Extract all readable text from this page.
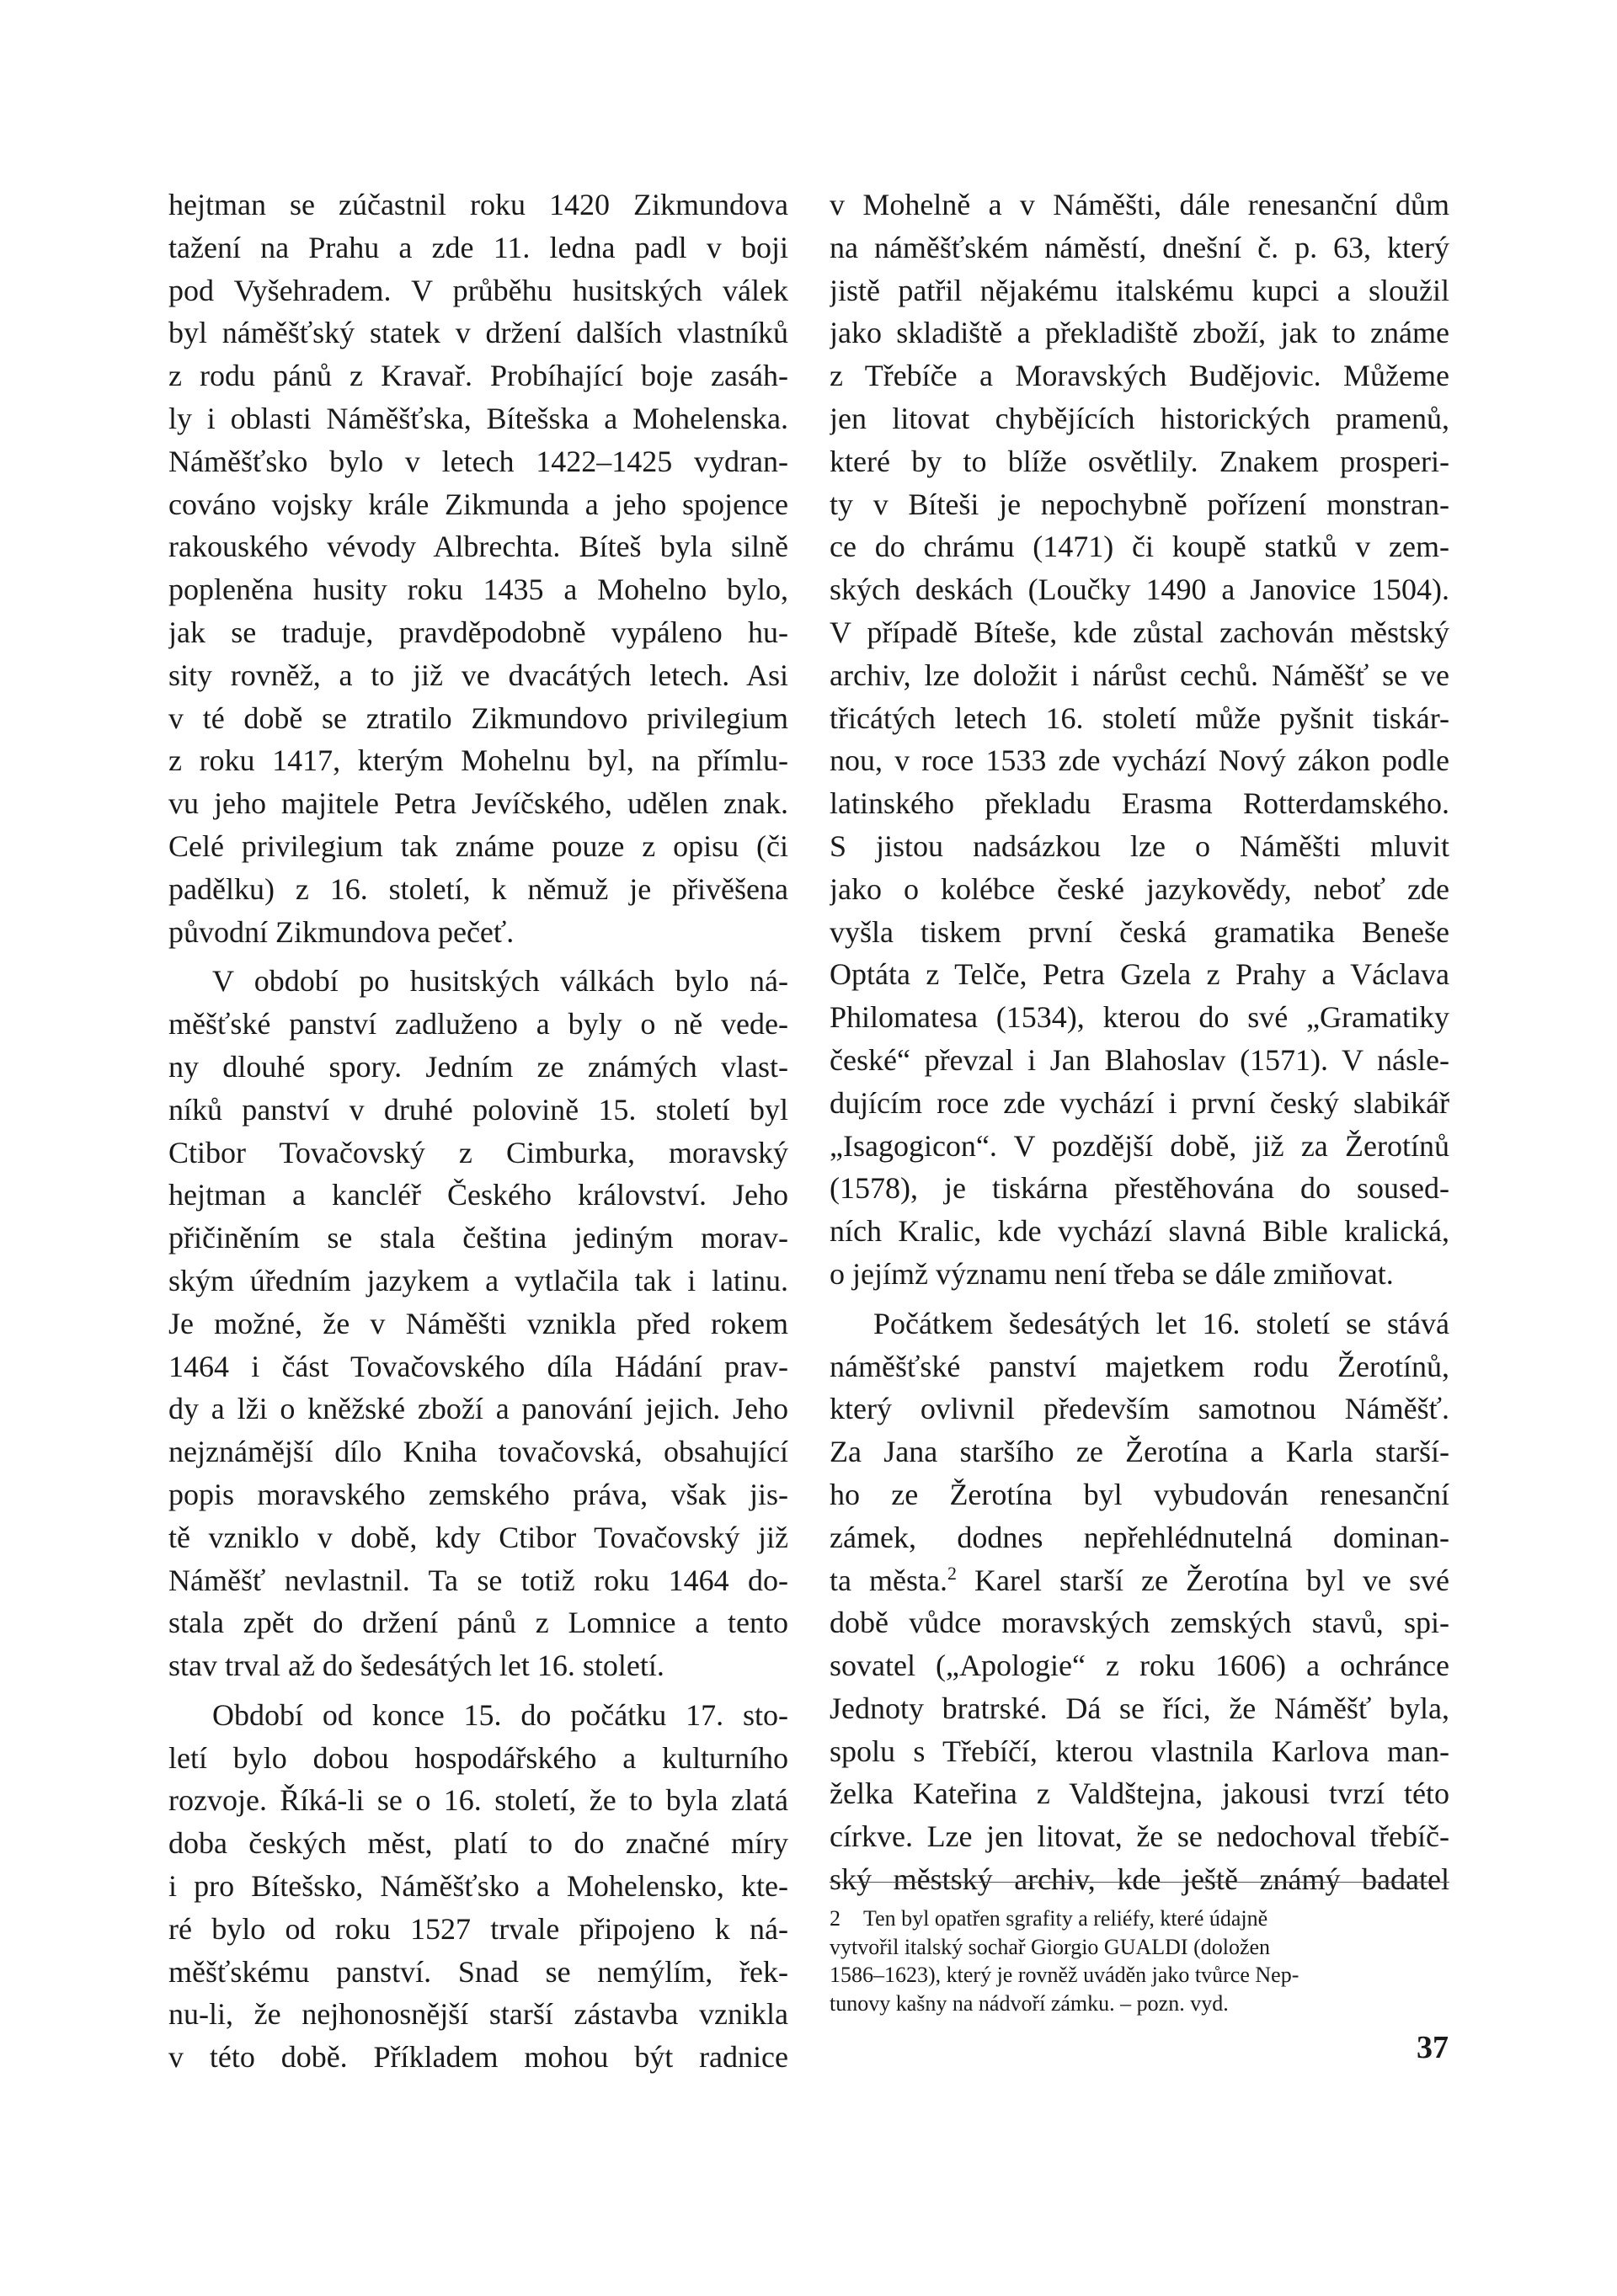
hejtman se zúčastnil roku 1420 Zikmundova
tažení na Prahu a zde 11. ledna padl v boji
pod Vyšehradem. V průběhu husitských válek
byl náměšťský statek v držení dalších vlastníků
z rodu pánů z Kravař. Probíhající boje zasáh-
ly i oblasti Náměšťska, Bítešska a Mohelenska.
Náměšťsko bylo v letech 1422–1425 vydran-
cováno vojsky krále Zikmunda a jeho spojence
rakouského vévody Albrechta. Bíteš byla silně
popleněna husity roku 1435 a Mohelno bylo,
jak se traduje, pravděpodobně vypáleno hu-
sity rovněž, a to již ve dvacátých letech. Asi
v té době se ztratilo Zikmundovo privilegium
z roku 1417, kterým Mohelnu byl, na přímlu-
vu jeho majitele Petra Jevíčského, udělen znak.
Celé privilegium tak známe pouze z opisu (či
padělku) z 16. století, k němuž je přivěšena
původní Zikmundova pečeť.
V období po husitských válkách bylo ná-
měšťské panství zadluženo a byly o ně vede-
ny dlouhé spory. Jedním ze známých vlast-
níků panství v druhé polovině 15. století byl
Ctibor Tovačovský z Cimburka, moravský
hejtman a kancléř Českého království. Jeho
přičiněním se stala čeština jediným morav-
ským úředním jazykem a vytlačila tak i latinu.
Je možné, že v Náměšti vznikla před rokem
1464 i část Tovačovského díla Hádání prav-
dy a lži o kněžské zboží a panování jejich. Jeho
nejznámější dílo Kniha tovačovská, obsahující
popis moravského zemského práva, však jis-
tě vzniklo v době, kdy Ctibor Tovačovský již
Náměšť nevlastnil. Ta se totiž roku 1464 do-
stala zpět do držení pánů z Lomnice a tento
stav trval až do šedesátých let 16. století.
Období od konce 15. do počátku 17. sto-
letí bylo dobou hospodářského a kulturního
rozvoje. Říká-li se o 16. století, že to byla zlatá
doba českých měst, platí to do značné míry
i pro Bítešsko, Náměšťsko a Mohelensko, kte-
ré bylo od roku 1527 trvale připojeno k ná-
měšťskému panství. Snad se nemýlím, řek-
nu-li, že nejhonosnější starší zástavba vznikla
v této době. Příkladem mohou být radnice
v Mohelně a v Náměšti, dále renesanční dům
na náměšťském náměstí, dnešní č. p. 63, který
jistě patřil nějakému italskému kupci a sloužil
jako skladiště a překladiště zboží, jak to známe
z Třebíče a Moravských Budějovic. Můžeme
jen litovat chybějících historických pramenů,
které by to blíže osvětlily. Znakem prosperi-
ty v Bíteši je nepochybně pořízení monstran-
ce do chrámu (1471) či koupě statků v zem-
ských deskách (Loučky 1490 a Janovice 1504).
V případě Bíteše, kde zůstal zachován městský
archiv, lze doložit i nárůst cechů. Náměšť se ve
třicátých letech 16. století může pyšnit tiskár-
nou, v roce 1533 zde vychází Nový zákon podle
latinského překladu Erasma Rotterdamského.
S jistou nadsázkou lze o Náměšti mluvit
jako o kolébce české jazykovědy, neboť zde
vyšla tiskem první česká gramatika Beneše
Optáta z Telče, Petra Gzela z Prahy a Václava
Philomatesa (1534), kterou do své „Gramatiky
české“ převzal i Jan Blahoslav (1571). V násle-
dujícím roce zde vychází i první český slabikář
„Isagogicon“. V pozdější době, již za Žerotínů
(1578), je tiskárna přestěhována do soused-
ních Kralic, kde vychází slavná Bible kralická,
o jejímž významu není třeba se dále zmiňovat.
Počátkem šedesátých let 16. století se stává
náměšťské panství majetkem rodu Žerotínů,
který ovlivnil především samotnou Náměšť.
Za Jana staršího ze Žerotína a Karla starší-
ho ze Žerotína byl vybudován renesanční
zámek, dodnes nepřehlédnutelná dominan-
ta města.$^2$ Karel starší ze Žerotína byl ve své
době vůdce moravských zemských stavů, spi-
sovatel („Apologie“ z roku 1606) a ochránce
Jednoty bratrské. Dá se říci, že Náměšť byla,
spolu s Třebíčí, kterou vlastnila Karlova man-
želka Kateřina z Valdštejna, jakousi tvrzí této
církve. Lze jen litovat, že se nedochoval třebíč-
ský městský archiv, kde ještě známý badatel
2 Ten byl opatřen sgrafity a reliéfy, které údajně
vytvořil italský sochař Giorgio GUALDI (doložen
1586–1623), který je rovněž uváděn jako tvůrce Nep-
tunovy kašny na nádvoří zámku. – pozn. vyd.
37
